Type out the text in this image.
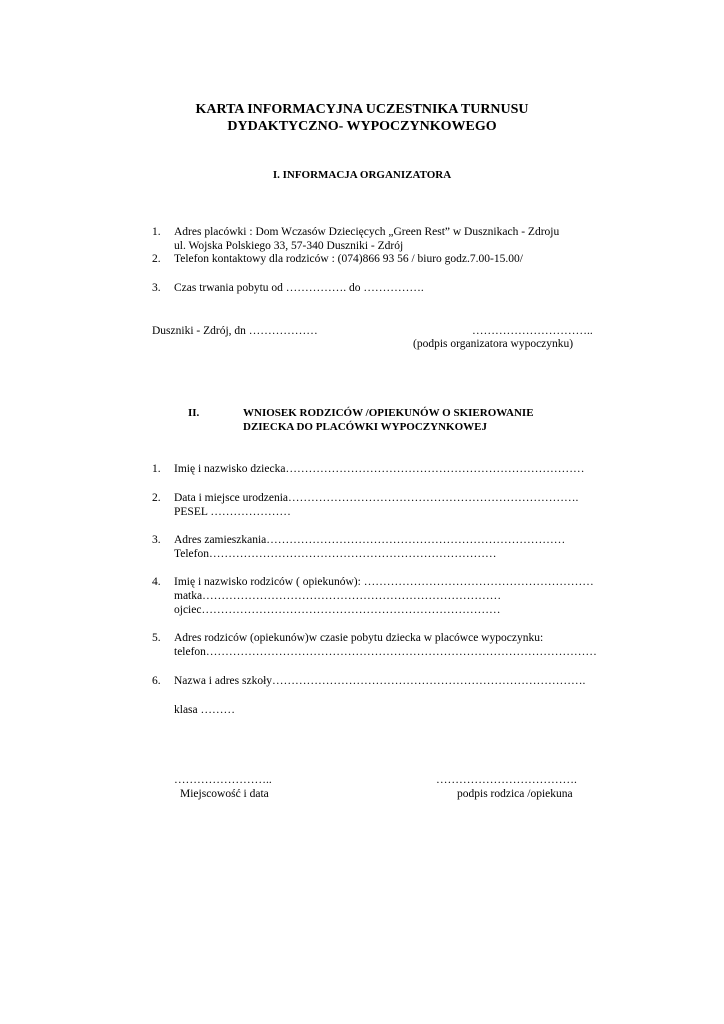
KARTA INFORMACYJNA UCZESTNIKA TURNUSU
DYDAKTYCZNO- WYPOCZYNKOWEGO
I. INFORMACJA ORGANIZATORA
1. Adres placówki : Dom Wczasów Dziecięcych „Green Rest” w Dusznikach - Zdroju
ul. Wojska Polskiego 33, 57-340 Duszniki - Zdrój
2. Telefon kontaktowy dla rodziców : (074)866 93 56 / biuro godz.7.00-15.00/
3. Czas trwania pobytu od ……………. do …………….
Duszniki - Zdrój, dn ………………	…………………………..
(podpis organizatora wypoczynku)
II.	WNIOSEK RODZICÓW /OPIEKUNÓW O SKIEROWANIE
DZIECKA DO PLACÓWKI WYPOCZYNKOWEJ
1. Imię i nazwisko dziecka……………………………………………………………………
2. Data i miejsce urodzenia………………………………………………………………….
PESEL …………………
3. Adres zamieszkania……………………………………………………………………
Telefon…………………………………………………………………
4. Imię i nazwisko rodziców ( opiekunów): ……………………………………………………
matka……………………………………………………………………
ojciec……………………………………………………………………
5. Adres rodziców (opiekunów)w czasie pobytu dziecka w placówce wypoczynku:
telefon…………………………………………………………………………………………
6. Nazwa i adres szkoły……………………………………………………………………….
klasa ………
……………………..
Miejscowość i data
……………………………….
podpis rodzica /opiekuna
